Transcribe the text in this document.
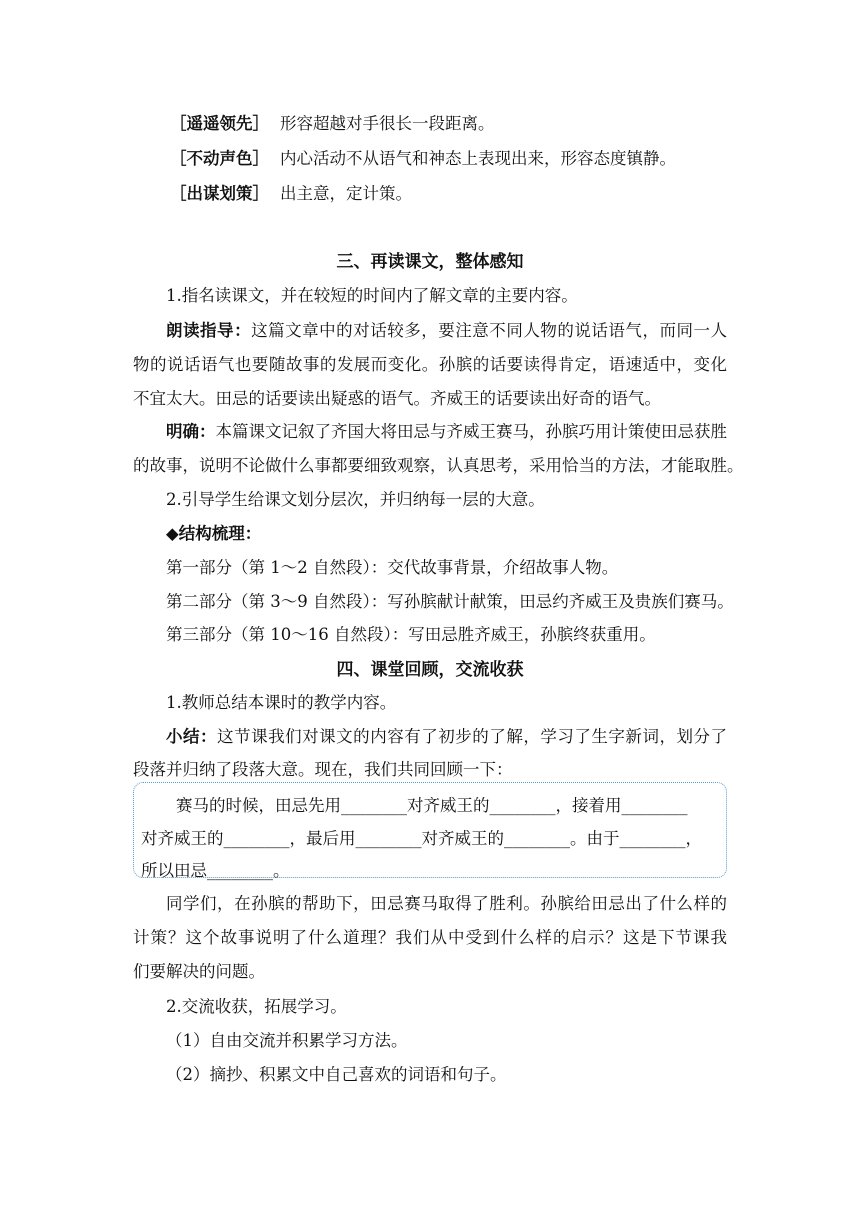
［遥遥领先］ 形容超越对手很长一段距离。
［不动声色］ 内心活动不从语气和神态上表现出来，形容态度镇静。
［出谋划策］ 出主意，定计策。
三、再读课文，整体感知
1.指名读课文，并在较短的时间内了解文章的主要内容。
朗读指导：这篇文章中的对话较多，要注意不同人物的说话语气，而同一人
物的说话语气也要随故事的发展而变化。孙膑的话要读得肯定，语速适中，变化
不宜太大。田忌的话要读出疑惑的语气。齐威王的话要读出好奇的语气。
明确：本篇课文记叙了齐国大将田忌与齐威王赛马，孙膑巧用计策使田忌获胜
的故事，说明不论做什么事都要细致观察，认真思考，采用恰当的方法，才能取胜。
2.引导学生给课文划分层次，并归纳每一层的大意。
◆结构梳理：
第一部分（第 1～2 自然段）：交代故事背景，介绍故事人物。
第二部分（第 3～9 自然段）：写孙膑献计献策，田忌约齐威王及贵族们赛马。
第三部分（第 10～16 自然段）：写田忌胜齐威王，孙膑终获重用。
四、课堂回顾，交流收获
1.教师总结本课时的教学内容。
小结：这节课我们对课文的内容有了初步的了解，学习了生字新词，划分了
段落并归纳了段落大意。现在，我们共同回顾一下：
赛马的时候，田忌先用________对齐威王的________，接着用________
对齐威王的________，最后用________对齐威王的________。由于________，
所以田忌________。
同学们，在孙膑的帮助下，田忌赛马取得了胜利。孙膑给田忌出了什么样的
计策？这个故事说明了什么道理？我们从中受到什么样的启示？这是下节课我
们要解决的问题。
2.交流收获，拓展学习。
（1）自由交流并积累学习方法。
（2）摘抄、积累文中自己喜欢的词语和句子。
